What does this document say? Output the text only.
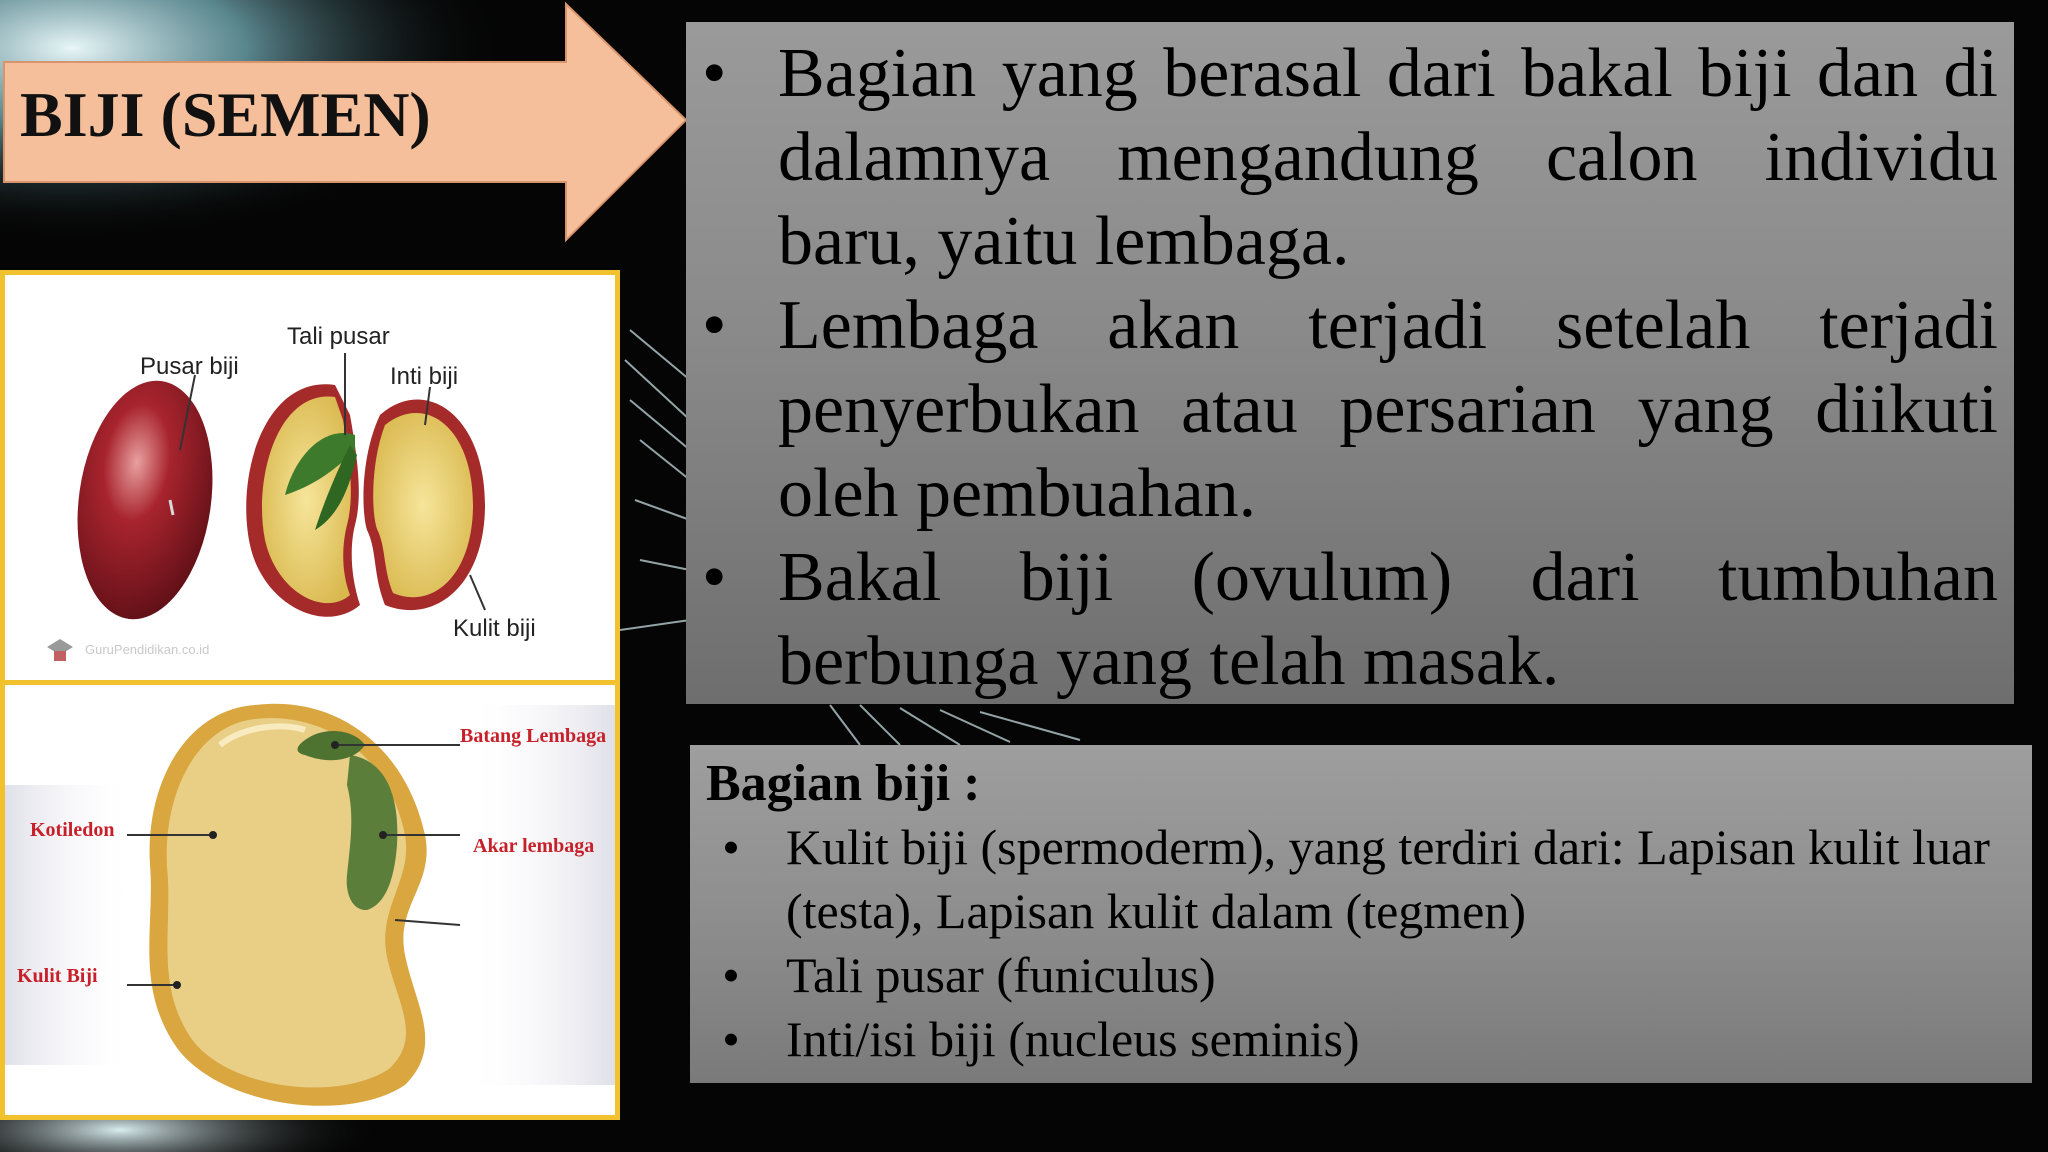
BIJI (SEMEN)
• Bagian yang berasal dari bakal biji dan di dalamnya mengandung calon individu baru, yaitu lembaga.
• Lembaga akan terjadi setelah terjadi penyerbukan atau persarian yang diikuti oleh pembuahan.
• Bakal biji (ovulum) dari tumbuhan berbunga yang telah masak.
Bagian biji :
• Kulit biji (spermoderm), yang terdiri dari: Lapisan kulit luar (testa), Lapisan kulit dalam (tegmen)
• Tali pusar (funiculus)
• Inti/isi biji (nucleus seminis)
Tali pusar
Pusar biji	Inti biji
Kulit biji
GuruPendidikan.co.id
Batang Lembaga
Kotiledon
Akar lembaga
Kulit Biji
